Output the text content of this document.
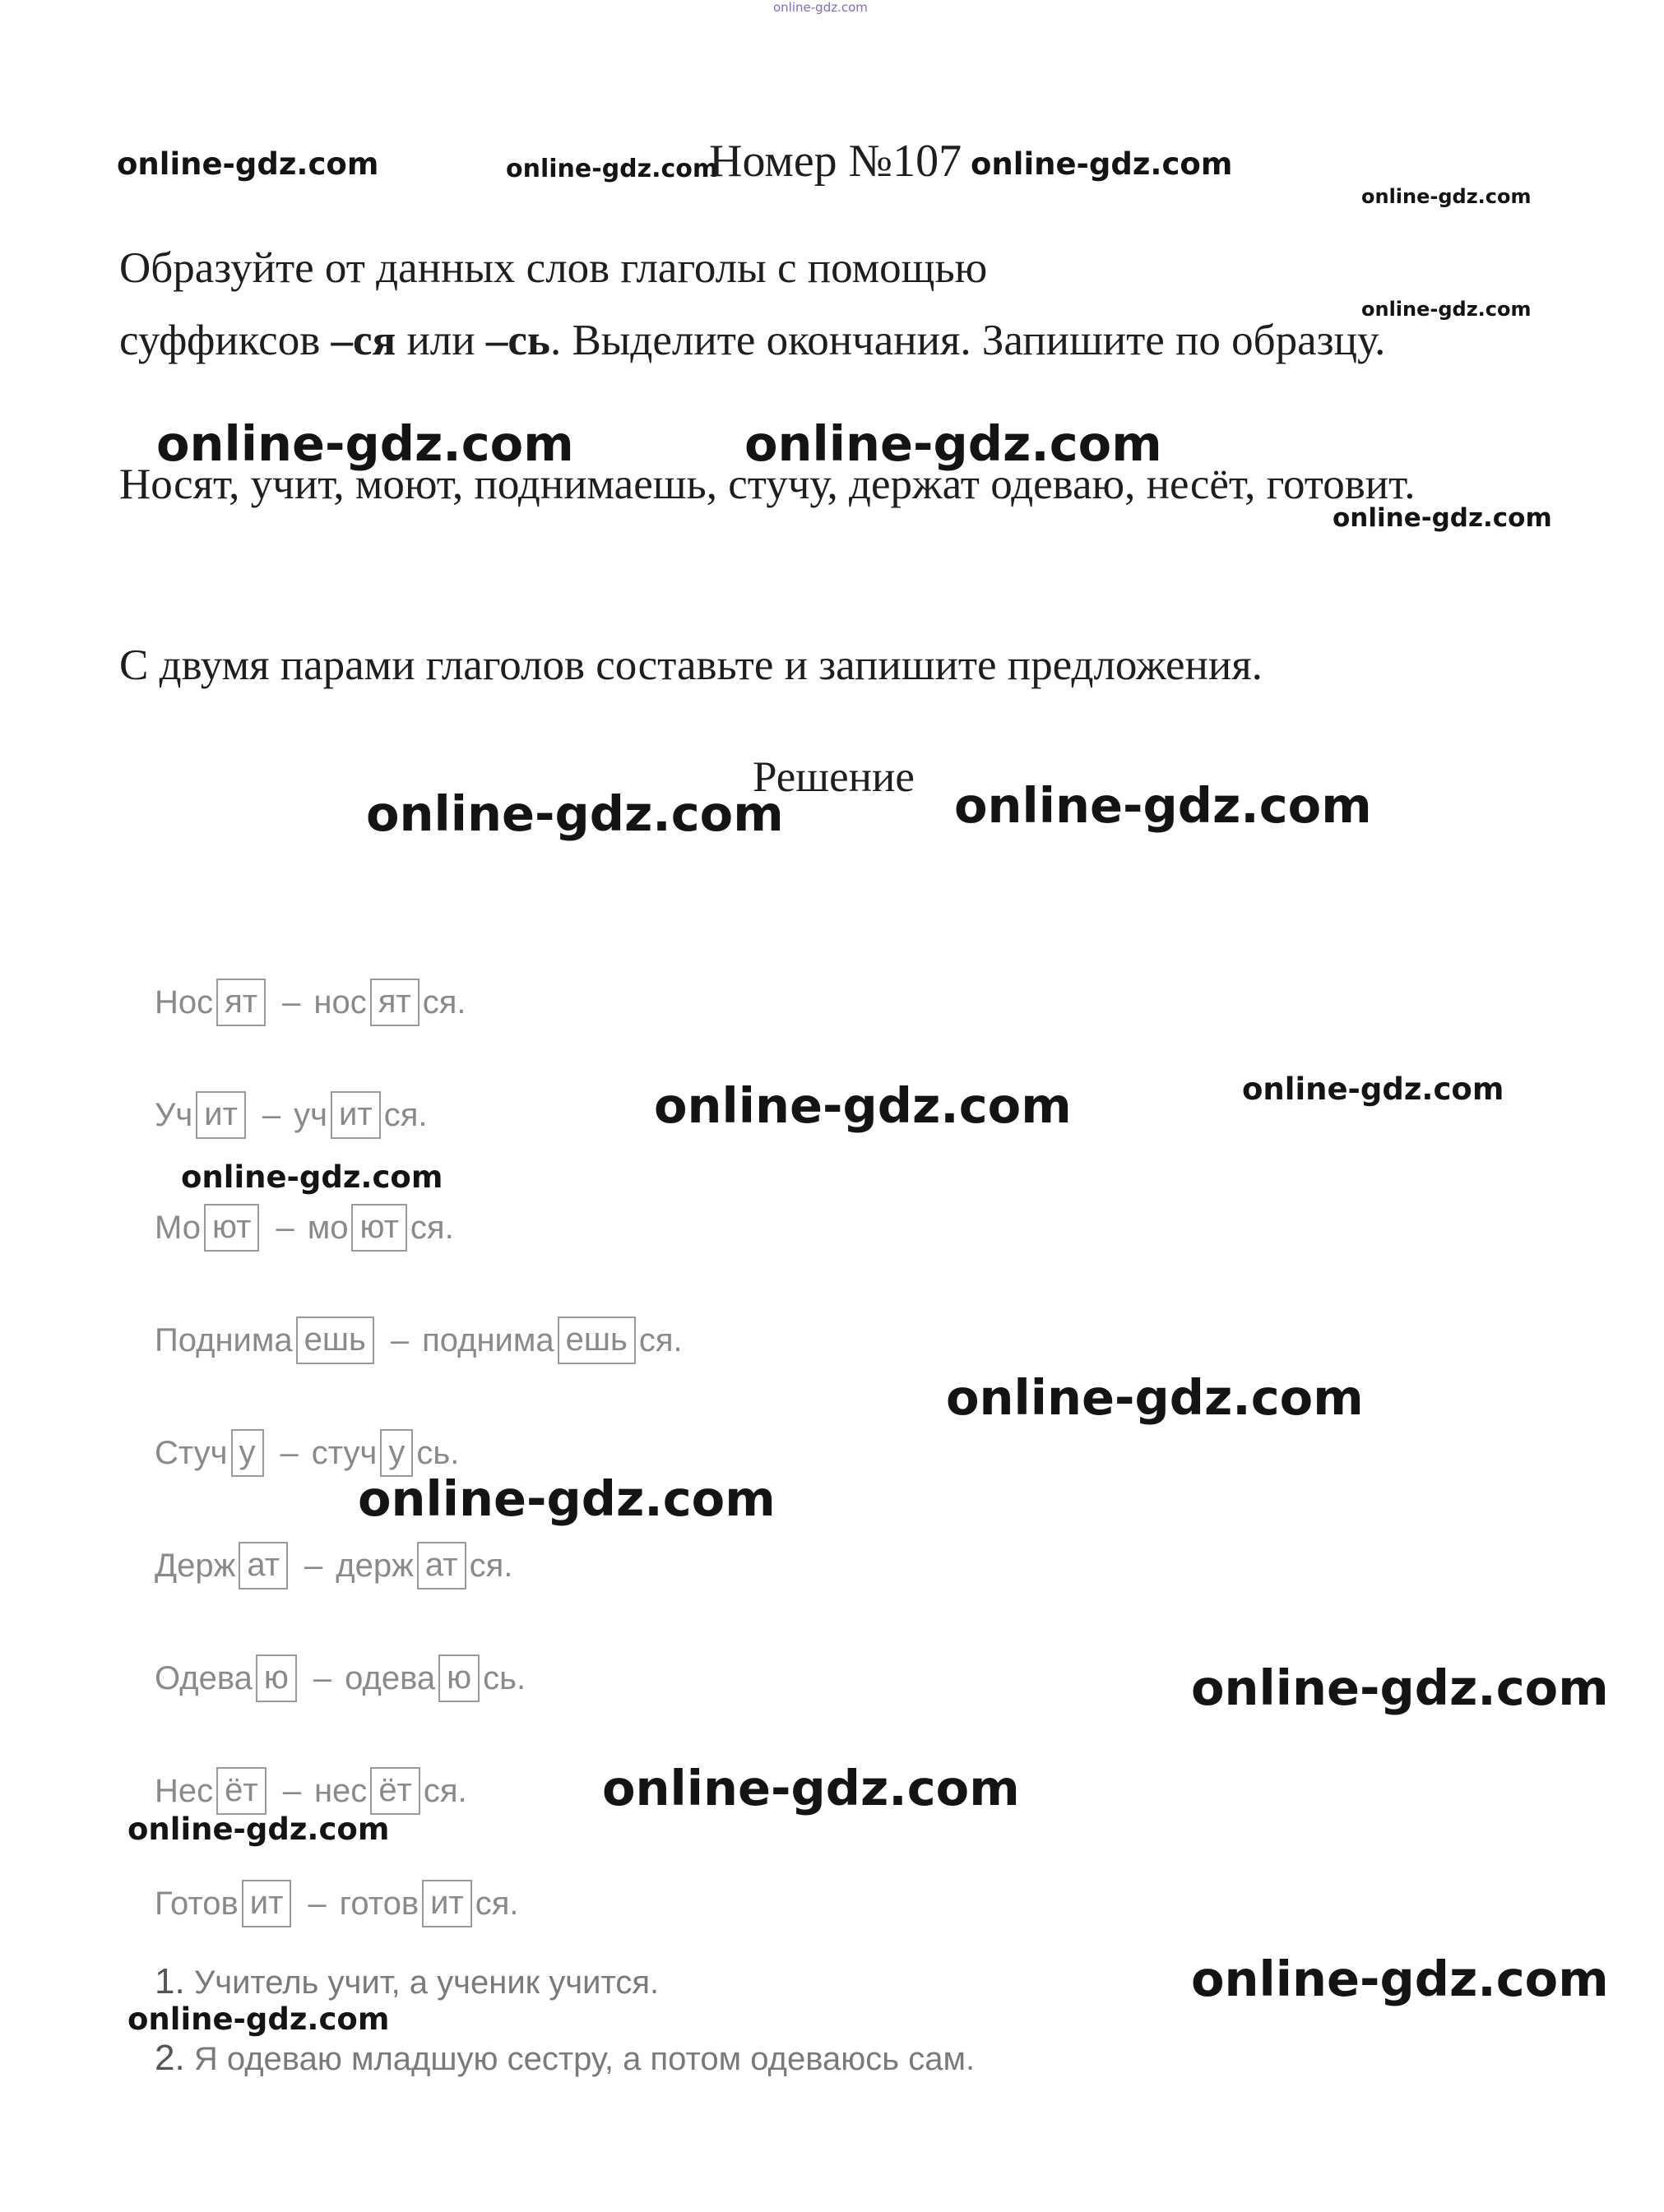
online-gdz.com
online-gdz.com	online-gdz.com
Номер №107 online-gdz.com
online-gdz.com
Образуйте от данных слов глаголы с помощью
суффиксов –ся или –сь. Выделите окончания. Запишите по образцу.
online-gdz.com
online-gdz.com	online-gdz.com
Носят, учит, моют, поднимаешь, стучу, держат одеваю, несёт, готовит.
online-gdz.com
С двумя парами глаголов составьте и запишите предложения.
Решение
online-gdz.com	online-gdz.com
Нос ят – нос ят ся.
Уч ит – уч ит ся.
Мо ют – мо ют ся.
Поднима ешь – поднима ешь ся.
Стуч у – стуч у сь.
Держ ат – держ ат ся.
Одева ю – одева ю сь.
Нес ёт – нес ёт ся.
Готов ит – готов ит ся.
online-gdz.com	online-gdz.com
online-gdz.com
online-gdz.com
online-gdz.com
online-gdz.com
online-gdz.com
online-gdz.com
online-gdz.com
online-gdz.com
1. Учитель учит, а ученик учится.
2. Я одеваю младшую сестру, а потом одеваюсь сам.
